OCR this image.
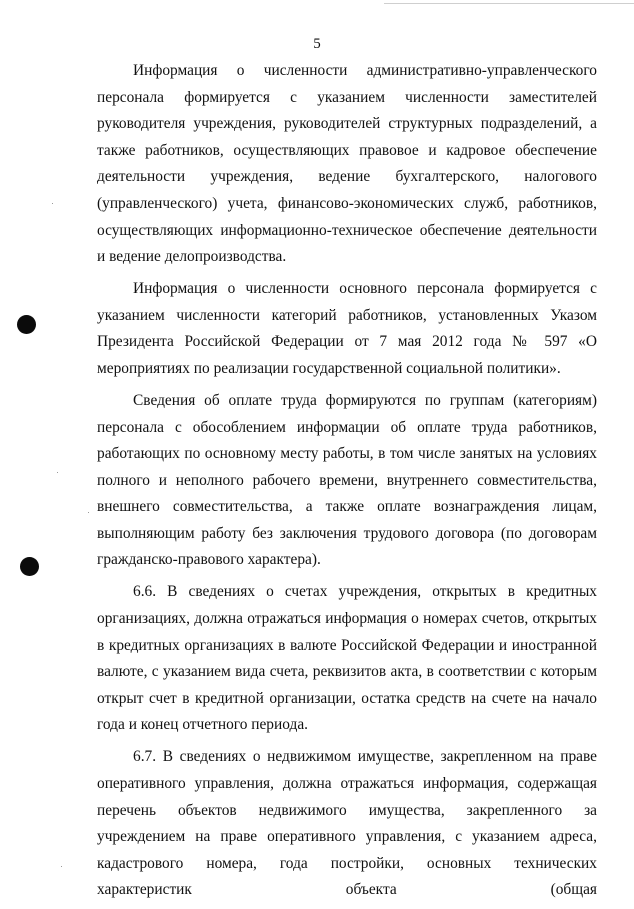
5

Информация о численности административно-управленческого персонала формируется с указанием численности заместителей руководителя учреждения, руководителей структурных подразделений, а также работников, осуществляющих правовое и кадровое обеспечение деятельности учреждения, ведение бухгалтерского, налогового (управленческого) учета, финансово-экономических служб, работников, осуществляющих информационно-техническое обеспечение деятельности и ведение делопроизводства.

Информация о численности основного персонала формируется с указанием численности категорий работников, установленных Указом Президента Российской Федерации от 7 мая 2012 года № 597 «О мероприятиях по реализации государственной социальной политики».

Сведения об оплате труда формируются по группам (категориям) персонала с обособлением информации об оплате труда работников, работающих по основному месту работы, в том числе занятых на условиях полного и неполного рабочего времени, внутреннего совместительства, внешнего совместительства, а также оплате вознаграждения лицам, выполняющим работу без заключения трудового договора (по договорам гражданско-правового характера).

6.6. В сведениях о счетах учреждения, открытых в кредитных организациях, должна отражаться информация о номерах счетов, открытых в кредитных организациях в валюте Российской Федерации и иностранной валюте, с указанием вида счета, реквизитов акта, в соответствии с которым открыт счет в кредитной организации, остатка средств на счете на начало года и конец отчетного периода.

6.7. В сведениях о недвижимом имуществе, закрепленном на праве оперативного управления, должна отражаться информация, содержащая перечень объектов недвижимого имущества, закрепленного за учреждением на праве оперативного управления, с указанием адреса, кадастрового номера, года постройки, основных технических характеристик объекта (общая
